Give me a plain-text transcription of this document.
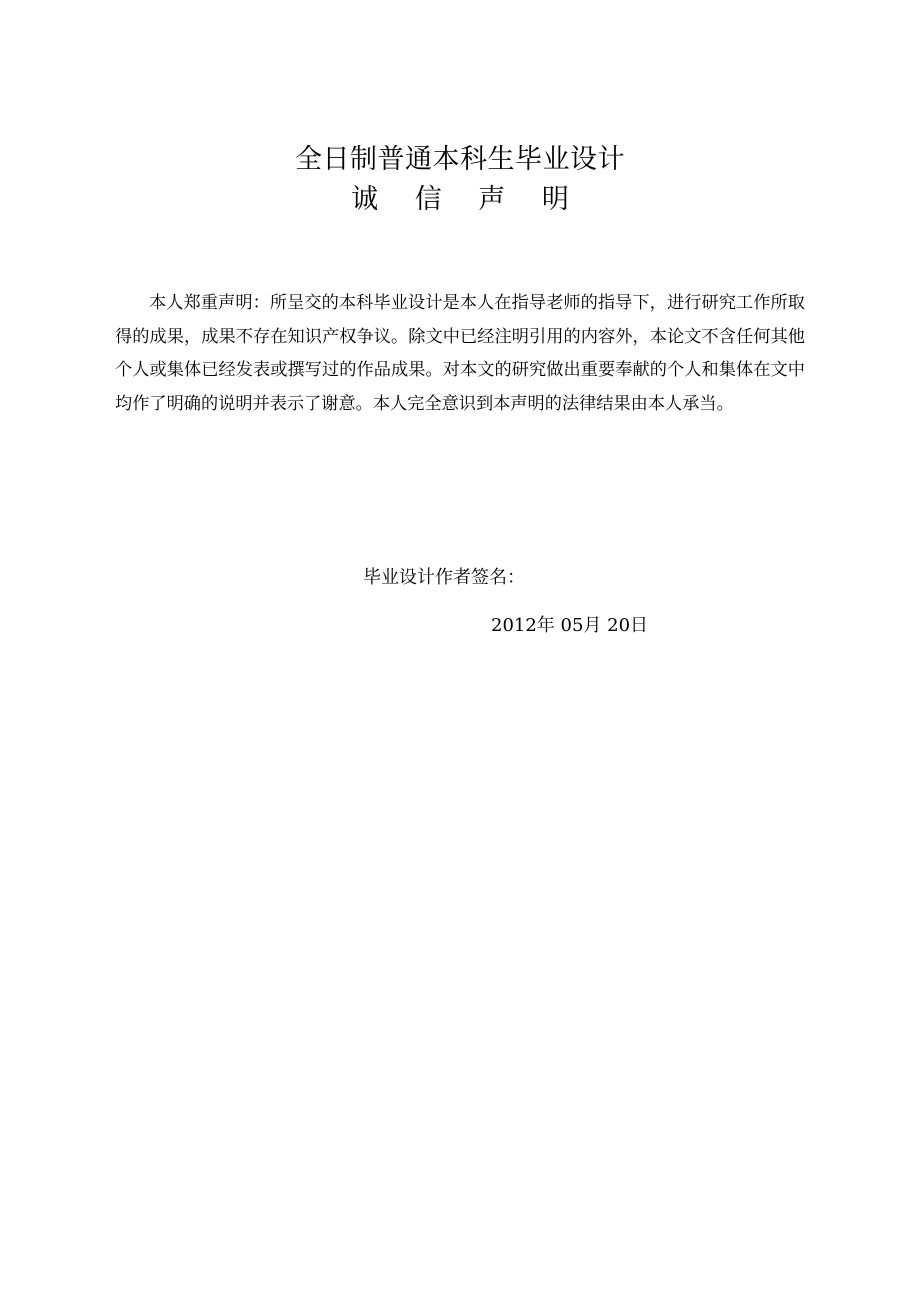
全日制普通本科生毕业设计
诚 信 声 明

本人郑重声明：所呈交的本科毕业设计是本人在指导老师的指导下，进行研究工作所取得的成果，成果不存在知识产权争议。除文中已经注明引用的内容外，本论文不含任何其他个人或集体已经发表或撰写过的作品成果。对本文的研究做出重要奉献的个人和集体在文中均作了明确的说明并表示了谢意。本人完全意识到本声明的法律结果由本人承当。

毕业设计作者签名：

2012年 05月 20日
